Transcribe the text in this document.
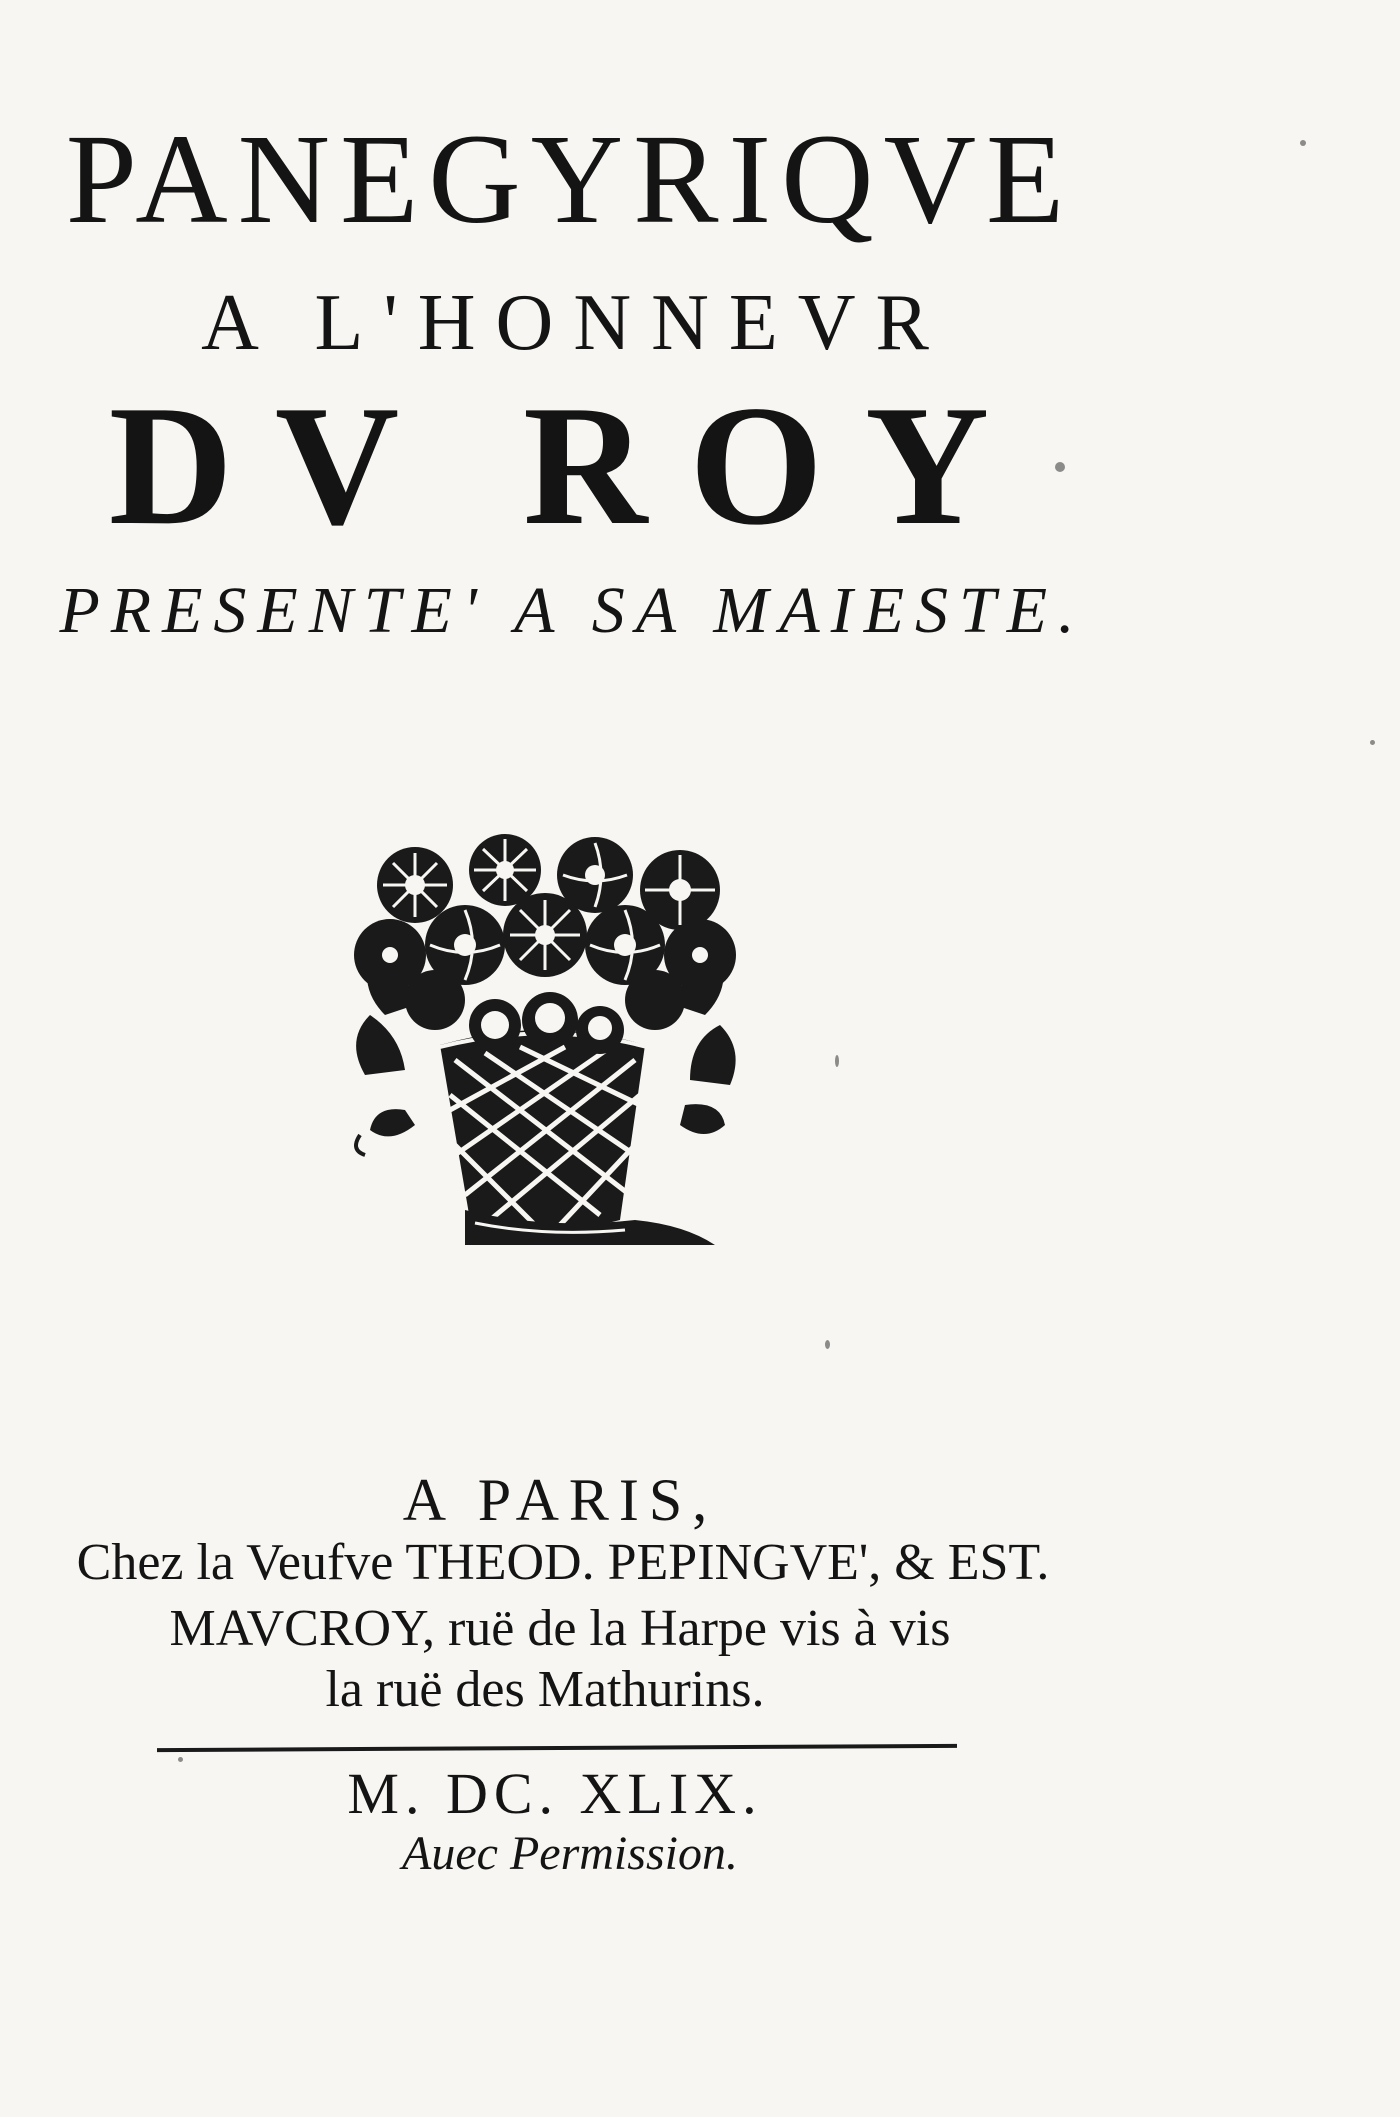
PANEGYRIQVE
A L'HONNEVR
DV ROY
PRESENTE' A SA MAIESTE.
A PARIS,
Chez la Veufve THEOD. PEPINGVE', & EST.
MAVCROY, ruë de la Harpe vis à vis
la ruë des Mathurins.
M. DC. XLIX.
Auec Permission.
